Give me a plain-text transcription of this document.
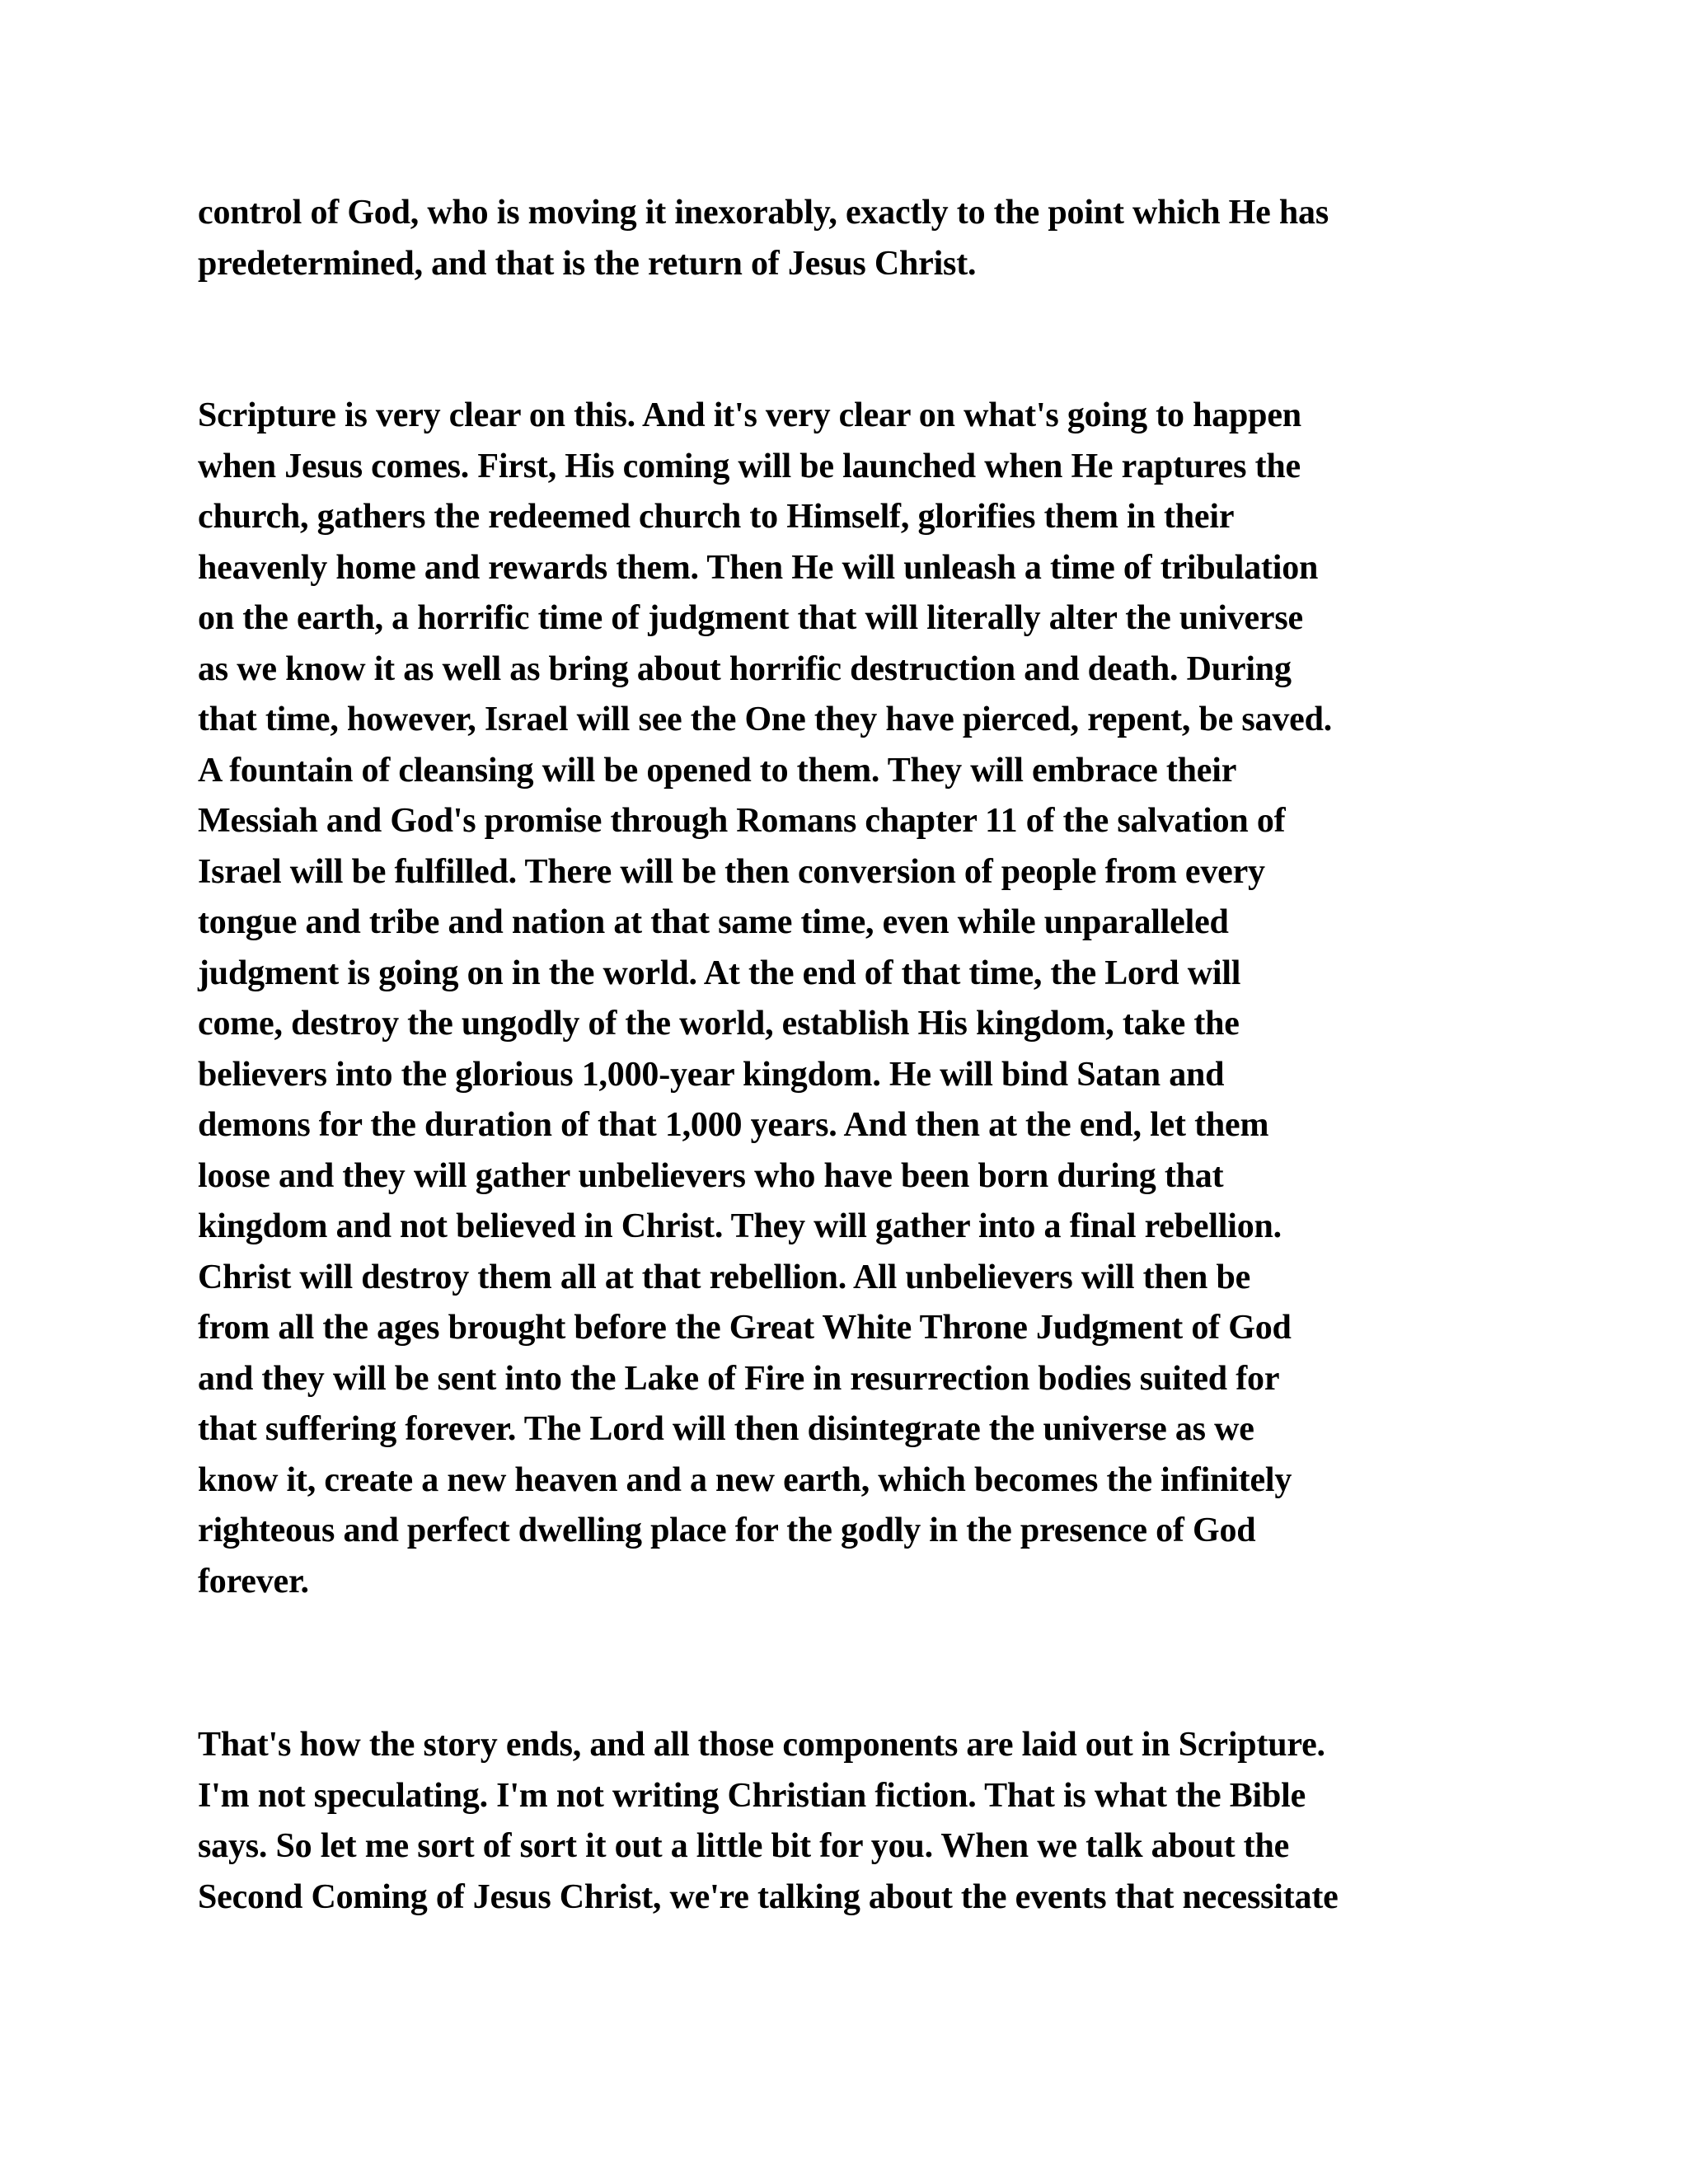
control of God, who is moving it inexorably, exactly to the point which He has
predetermined, and that is the return of Jesus Christ.
Scripture is very clear on this. And it's very clear on what's going to happen
when Jesus comes. First, His coming will be launched when He raptures the
church, gathers the redeemed church to Himself, glorifies them in their
heavenly home and rewards them. Then He will unleash a time of tribulation
on the earth, a horrific time of judgment that will literally alter the universe
as we know it as well as bring about horrific destruction and death. During
that time, however, Israel will see the One they have pierced, repent, be saved.
A fountain of cleansing will be opened to them. They will embrace their
Messiah and God's promise through Romans chapter 11 of the salvation of
Israel will be fulfilled. There will be then conversion of people from every
tongue and tribe and nation at that same time, even while unparalleled
judgment is going on in the world. At the end of that time, the Lord will
come, destroy the ungodly of the world, establish His kingdom, take the
believers into the glorious 1,000-year kingdom. He will bind Satan and
demons for the duration of that 1,000 years. And then at the end, let them
loose and they will gather unbelievers who have been born during that
kingdom and not believed in Christ. They will gather into a final rebellion.
Christ will destroy them all at that rebellion. All unbelievers will then be
from all the ages brought before the Great White Throne Judgment of God
and they will be sent into the Lake of Fire in resurrection bodies suited for
that suffering forever. The Lord will then disintegrate the universe as we
know it, create a new heaven and a new earth, which becomes the infinitely
righteous and perfect dwelling place for the godly in the presence of God
forever.
That's how the story ends, and all those components are laid out in Scripture.
I'm not speculating. I'm not writing Christian fiction. That is what the Bible
says. So let me sort of sort it out a little bit for you. When we talk about the
Second Coming of Jesus Christ, we're talking about the events that necessitate
